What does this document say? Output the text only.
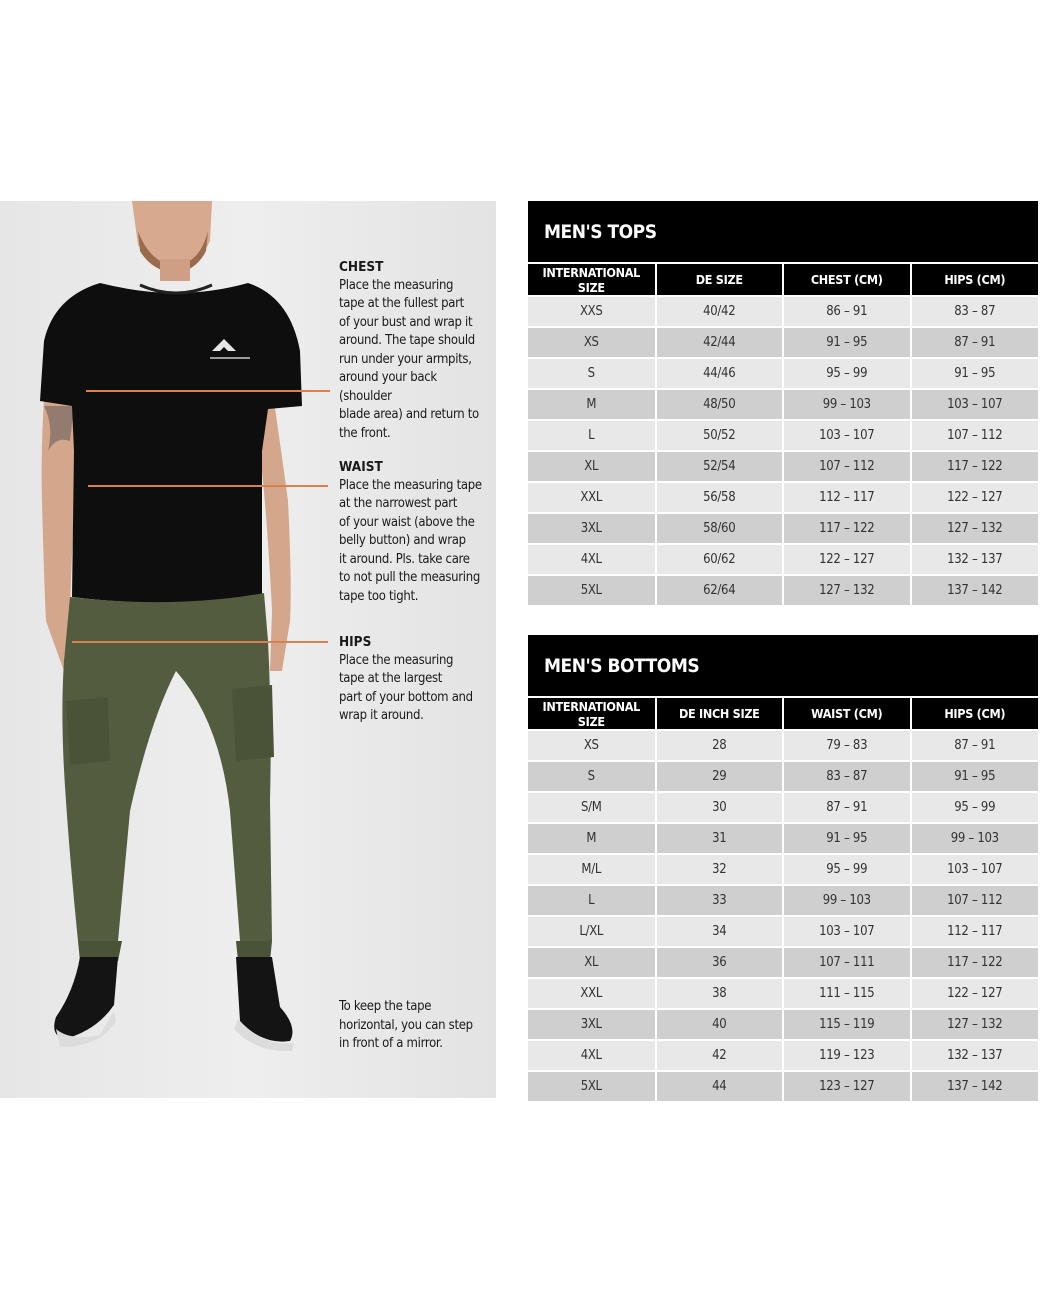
CHEST
Place the measuring
tape at the fullest part
of your bust and wrap it
around. The tape should
run under your armpits,
around your back (shoulder
blade area) and return to
the front.
WAIST
Place the measuring tape
at the narrowest part
of your waist (above the
belly button) and wrap
it around. Pls. take care
to not pull the measuring
tape too tight.
HIPS
Place the measuring
tape at the largest
part of your bottom and
wrap it around.
To keep the tape
horizontal, you can step
in front of a mirror.
MEN'S TOPS
INTERNATIONAL SIZE	DE SIZE	CHEST (CM)	HIPS (CM)
XXS	40/42	86 – 91	83 – 87
XS	42/44	91 – 95	87 – 91
S	44/46	95 – 99	91 – 95
M	48/50	99 – 103	103 – 107
L	50/52	103 – 107	107 – 112
XL	52/54	107 – 112	117 – 122
XXL	56/58	112 – 117	122 – 127
3XL	58/60	117 – 122	127 – 132
4XL	60/62	122 – 127	132 – 137
5XL	62/64	127 – 132	137 – 142
MEN'S BOTTOMS
INTERNATIONAL SIZE	DE INCH SIZE	WAIST (CM)	HIPS (CM)
XS	28	79 – 83	87 – 91
S	29	83 – 87	91 – 95
S/M	30	87 – 91	95 – 99
M	31	91 – 95	99 – 103
M/L	32	95 – 99	103 – 107
L	33	99 – 103	107 – 112
L/XL	34	103 – 107	112 – 117
XL	36	107 – 111	117 – 122
XXL	38	111 – 115	122 – 127
3XL	40	115 – 119	127 – 132
4XL	42	119 – 123	132 – 137
5XL	44	123 – 127	137 – 142
